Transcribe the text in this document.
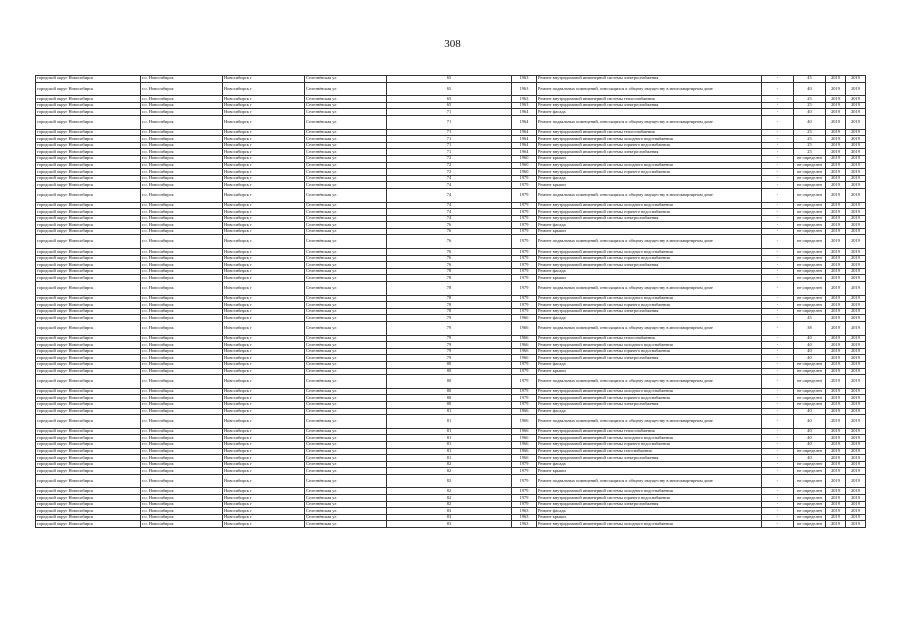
308
городской округ Новосибирск	г.о. Новосибирск	Новосибирск г	Селезнёвская ул	65	1963	Ремонт внутридомовой инженерной системы электроснабжения	-	45	2019	2019
городской округ Новосибирск	г.о. Новосибирск	Новосибирск г	Селезнёвская ул	65	1963	Ремонт подвальных помещений, относящихся к общему имуществу в многоквартирном доме	-	40	2019	2019
городской округ Новосибирск	г.о. Новосибирск	Новосибирск г	Селезнёвская ул	65	1963	Ремонт внутридомовой инженерной системы теплоснабжения	-	25	2019	2019
городской округ Новосибирск	г.о. Новосибирск	Новосибирск г	Селезнёвская ул	65	1963	Ремонт внутридомовой инженерной системы электроснабжения	-	25	2019	2019
городской округ Новосибирск	г.о. Новосибирск	Новосибирск г	Селезнёвская ул	71	1964	Ремонт фасада	-	40	2019	2019
городской округ Новосибирск	г.о. Новосибирск	Новосибирск г	Селезнёвская ул	71	1964	Ремонт подвальных помещений, относящихся к общему имуществу в многоквартирном доме	-	40	2019	2019
городской округ Новосибирск	г.о. Новосибирск	Новосибирск г	Селезнёвская ул	71	1964	Ремонт внутридомовой инженерной системы теплоснабжения	-	25	2019	2019
городской округ Новосибирск	г.о. Новосибирск	Новосибирск г	Селезнёвская ул	71	1964	Ремонт внутридомовой инженерной системы холодного водоснабжения	-	25	2019	2019
городской округ Новосибирск	г.о. Новосибирск	Новосибирск г	Селезнёвская ул	71	1964	Ремонт внутридомовой инженерной системы горячего водоснабжения	-	25	2019	2019
городской округ Новосибирск	г.о. Новосибирск	Новосибирск г	Селезнёвская ул	71	1964	Ремонт внутридомовой инженерной системы электроснабжения	-	25	2019	2019
городской округ Новосибирск	г.о. Новосибирск	Новосибирск г	Селезнёвская ул	72	1960	Ремонт крыши	-	не определен	2019	2019
городской округ Новосибирск	г.о. Новосибирск	Новосибирск г	Селезнёвская ул	72	1960	Ремонт внутридомовой инженерной системы холодного водоснабжения	-	не определен	2019	2019
городской округ Новосибирск	г.о. Новосибирск	Новосибирск г	Селезнёвская ул	72	1960	Ремонт внутридомовой инженерной системы горячего водоснабжения	-	не определен	2019	2019
городской округ Новосибирск	г.о. Новосибирск	Новосибирск г	Селезнёвская ул	74	1979	Ремонт фасада	-	не определен	2019	2019
городской округ Новосибирск	г.о. Новосибирск	Новосибирск г	Селезнёвская ул	74	1979	Ремонт крыши	-	не определен	2019	2019
городской округ Новосибирск	г.о. Новосибирск	Новосибирск г	Селезнёвская ул	74	1979	Ремонт подвальных помещений, относящихся к общему имуществу в многоквартирном доме	-	не определен	2019	2019
городской округ Новосибирск	г.о. Новосибирск	Новосибирск г	Селезнёвская ул	74	1979	Ремонт внутридомовой инженерной системы холодного водоснабжения	-	не определен	2019	2019
городской округ Новосибирск	г.о. Новосибирск	Новосибирск г	Селезнёвская ул	74	1979	Ремонт внутридомовой инженерной системы горячего водоснабжения	-	не определен	2019	2019
городской округ Новосибирск	г.о. Новосибирск	Новосибирск г	Селезнёвская ул	74	1979	Ремонт внутридомовой инженерной системы электроснабжения	-	не определен	2019	2019
городской округ Новосибирск	г.о. Новосибирск	Новосибирск г	Селезнёвская ул	76	1979	Ремонт фасада	-	не определен	2019	2019
городской округ Новосибирск	г.о. Новосибирск	Новосибирск г	Селезнёвская ул	76	1979	Ремонт крыши	-	не определен	2019	2019
городской округ Новосибирск	г.о. Новосибирск	Новосибирск г	Селезнёвская ул	76	1979	Ремонт подвальных помещений, относящихся к общему имуществу в многоквартирном доме	-	не определен	2019	2019
городской округ Новосибирск	г.о. Новосибирск	Новосибирск г	Селезнёвская ул	76	1979	Ремонт внутридомовой инженерной системы холодного водоснабжения	-	не определен	2019	2019
городской округ Новосибирск	г.о. Новосибирск	Новосибирск г	Селезнёвская ул	76	1979	Ремонт внутридомовой инженерной системы горячего водоснабжения	-	не определен	2019	2019
городской округ Новосибирск	г.о. Новосибирск	Новосибирск г	Селезнёвская ул	76	1979	Ремонт внутридомовой инженерной системы электроснабжения	-	не определен	2019	2019
городской округ Новосибирск	г.о. Новосибирск	Новосибирск г	Селезнёвская ул	78	1979	Ремонт фасада	-	не определен	2019	2019
городской округ Новосибирск	г.о. Новосибирск	Новосибирск г	Селезнёвская ул	78	1979	Ремонт крыши	-	не определен	2019	2019
городской округ Новосибирск	г.о. Новосибирск	Новосибирск г	Селезнёвская ул	78	1979	Ремонт подвальных помещений, относящихся к общему имуществу в многоквартирном доме	-	не определен	2019	2019
городской округ Новосибирск	г.о. Новосибирск	Новосибирск г	Селезнёвская ул	78	1979	Ремонт внутридомовой инженерной системы холодного водоснабжения	-	не определен	2019	2019
городской округ Новосибирск	г.о. Новосибирск	Новосибирск г	Селезнёвская ул	78	1979	Ремонт внутридомовой инженерной системы горячего водоснабжения	-	не определен	2019	2019
городской округ Новосибирск	г.о. Новосибирск	Новосибирск г	Селезнёвская ул	78	1979	Ремонт внутридомовой инженерной системы электроснабжения	-	не определен	2019	2019
городской округ Новосибирск	г.о. Новосибирск	Новосибирск г	Селезнёвская ул	79	1966	Ремонт фасада	-	45	2019	2019
городской округ Новосибирск	г.о. Новосибирск	Новосибирск г	Селезнёвская ул	79	1966	Ремонт подвальных помещений, относящихся к общему имуществу в многоквартирном доме	-	38	2019	2019
городской округ Новосибирск	г.о. Новосибирск	Новосибирск г	Селезнёвская ул	79	1966	Ремонт внутридомовой инженерной системы теплоснабжения	-	40	2019	2019
городской округ Новосибирск	г.о. Новосибирск	Новосибирск г	Селезнёвская ул	79	1966	Ремонт внутридомовой инженерной системы холодного водоснабжения	-	40	2019	2019
городской округ Новосибирск	г.о. Новосибирск	Новосибирск г	Селезнёвская ул	79	1966	Ремонт внутридомовой инженерной системы горячего водоснабжения	-	40	2019	2019
городской округ Новосибирск	г.о. Новосибирск	Новосибирск г	Селезнёвская ул	79	1966	Ремонт внутридомовой инженерной системы электроснабжения	-	40	2019	2019
городской округ Новосибирск	г.о. Новосибирск	Новосибирск г	Селезнёвская ул	80	1979	Ремонт фасада	-	не определен	2019	2019
городской округ Новосибирск	г.о. Новосибирск	Новосибирск г	Селезнёвская ул	80	1979	Ремонт крыши	-	не определен	2019	2019
городской округ Новосибирск	г.о. Новосибирск	Новосибирск г	Селезнёвская ул	80	1979	Ремонт подвальных помещений, относящихся к общему имуществу в многоквартирном доме	-	не определен	2019	2019
городской округ Новосибирск	г.о. Новосибирск	Новосибирск г	Селезнёвская ул	80	1979	Ремонт внутридомовой инженерной системы холодного водоснабжения	-	не определен	2019	2019
городской округ Новосибирск	г.о. Новосибирск	Новосибирск г	Селезнёвская ул	80	1979	Ремонт внутридомовой инженерной системы горячего водоснабжения	-	не определен	2019	2019
городской округ Новосибирск	г.о. Новосибирск	Новосибирск г	Селезнёвская ул	80	1979	Ремонт внутридомовой инженерной системы электроснабжения	-	не определен	2019	2019
городской округ Новосибирск	г.о. Новосибирск	Новосибирск г	Селезнёвская ул	81	1966	Ремонт фасада	-	40	2019	2019
городской округ Новосибирск	г.о. Новосибирск	Новосибирск г	Селезнёвская ул	81	1966	Ремонт подвальных помещений, относящихся к общему имуществу в многоквартирном доме	-	40	2019	2019
городской округ Новосибирск	г.о. Новосибирск	Новосибирск г	Селезнёвская ул	81	1966	Ремонт внутридомовой инженерной системы теплоснабжения	-	40	2019	2019
городской округ Новосибирск	г.о. Новосибирск	Новосибирск г	Селезнёвская ул	81	1966	Ремонт внутридомовой инженерной системы холодного водоснабжения	-	40	2019	2019
городской округ Новосибирск	г.о. Новосибирск	Новосибирск г	Селезнёвская ул	81	1966	Ремонт внутридомовой инженерной системы горячего водоснабжения	-	40	2019	2019
городской округ Новосибирск	г.о. Новосибирск	Новосибирск г	Селезнёвская ул	81	1966	Ремонт внутридомовой инженерной системы газоснабжения	-	не определен	2019	2019
городской округ Новосибирск	г.о. Новосибирск	Новосибирск г	Селезнёвская ул	81	1966	Ремонт внутридомовой инженерной системы электроснабжения	-	40	2019	2019
городской округ Новосибирск	г.о. Новосибирск	Новосибирск г	Селезнёвская ул	82	1979	Ремонт фасада	-	не определен	2019	2019
городской округ Новосибирск	г.о. Новосибирск	Новосибирск г	Селезнёвская ул	82	1979	Ремонт крыши	-	не определен	2019	2019
городской округ Новосибирск	г.о. Новосибирск	Новосибирск г	Селезнёвская ул	82	1979	Ремонт подвальных помещений, относящихся к общему имуществу в многоквартирном доме	-	не определен	2019	2019
городской округ Новосибирск	г.о. Новосибирск	Новосибирск г	Селезнёвская ул	82	1979	Ремонт внутридомовой инженерной системы холодного водоснабжения	-	не определен	2019	2019
городской округ Новосибирск	г.о. Новосибирск	Новосибирск г	Селезнёвская ул	82	1979	Ремонт внутридомовой инженерной системы горячего водоснабжения	-	не определен	2019	2019
городской округ Новосибирск	г.о. Новосибирск	Новосибирск г	Селезнёвская ул	82	1979	Ремонт внутридомовой инженерной системы электроснабжения	-	не определен	2019	2019
городской округ Новосибирск	г.о. Новосибирск	Новосибирск г	Селезнёвская ул	83	1963	Ремонт фасада	-	не определен	2019	2019
городской округ Новосибирск	г.о. Новосибирск	Новосибирск г	Селезнёвская ул	83	1963	Ремонт крыши	-	не определен	2019	2019
городской округ Новосибирск	г.о. Новосибирск	Новосибирск г	Селезнёвская ул	83	1963	Ремонт внутридомовой инженерной системы холодного водоснабжения	-	не определен	2019	2019
